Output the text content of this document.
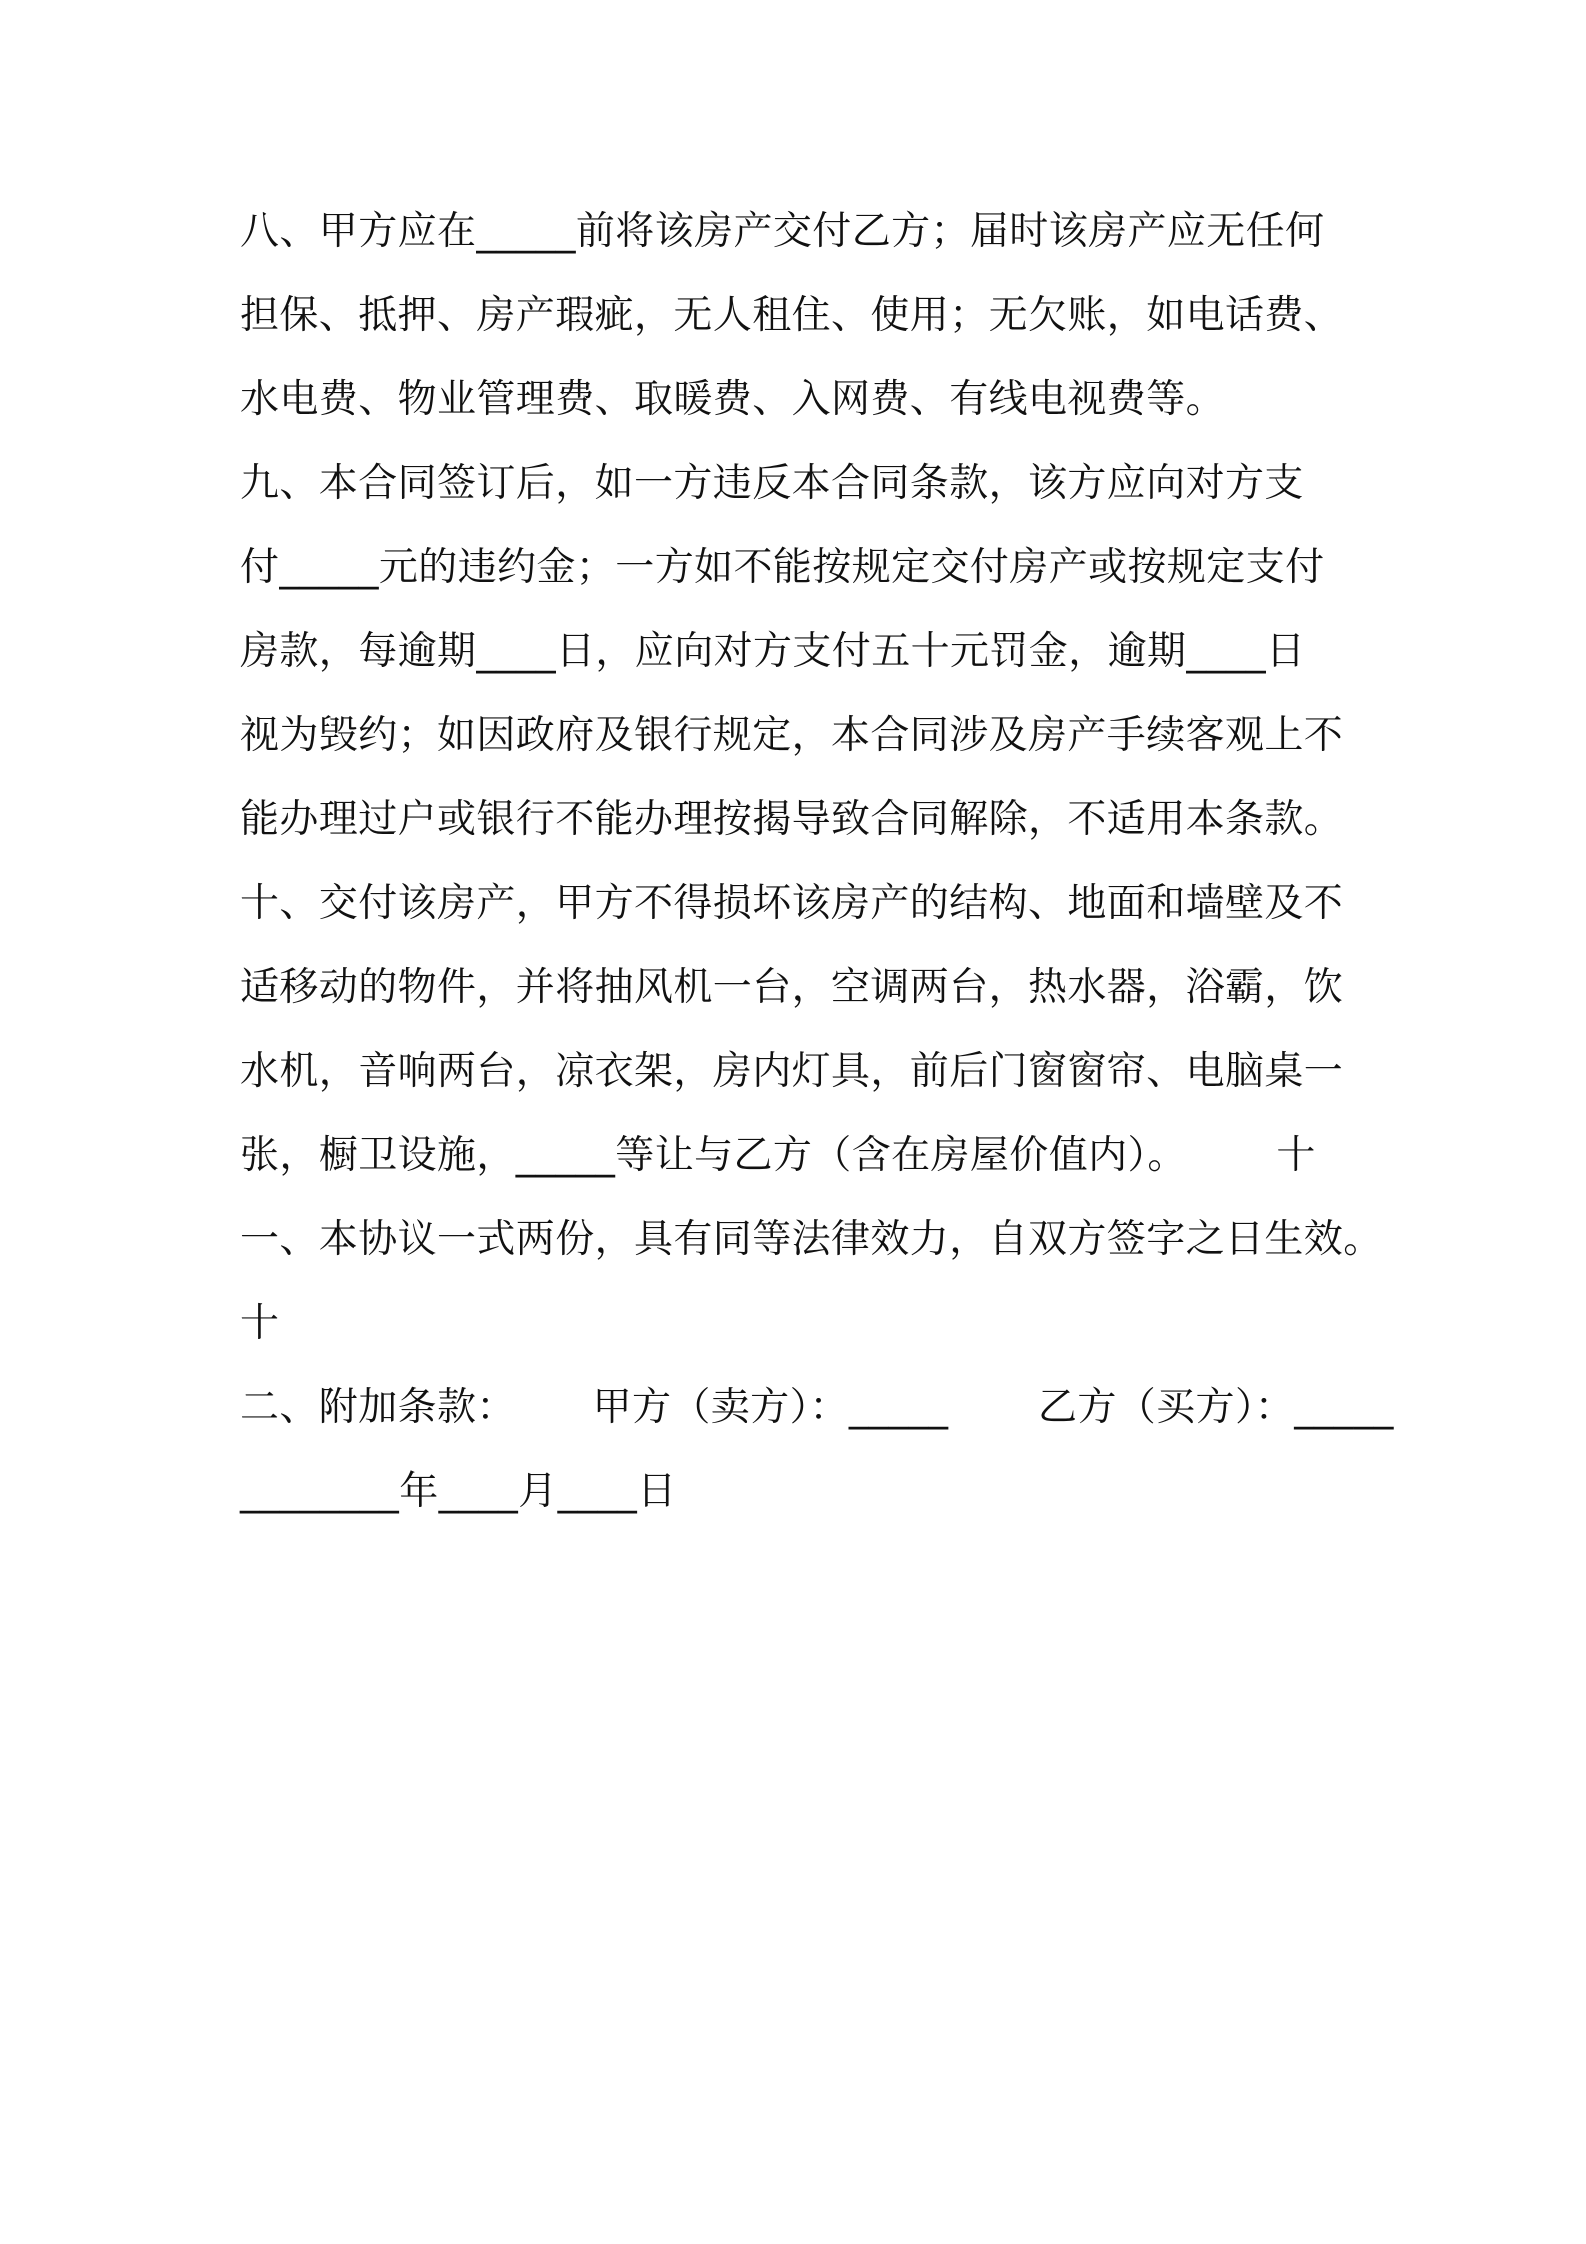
八、甲方应在_____前将该房产交付乙方；届时该房产应无任何
担保、抵押、房产瑕疵，无人租住、使用；无欠账，如电话费、
水电费、物业管理费、取暖费、入网费、有线电视费等。
九、本合同签订后，如一方违反本合同条款，该方应向对方支
付_____元的违约金；一方如不能按规定交付房产或按规定支付
房款，每逾期____日，应向对方支付五十元罚金，逾期____日
视为毁约；如因政府及银行规定，本合同涉及房产手续客观上不
能办理过户或银行不能办理按揭导致合同解除，不适用本条款。
十、交付该房产，甲方不得损坏该房产的结构、地面和墙壁及不
适移动的物件，并将抽风机一台，空调两台，热水器，浴霸，饮
水机，音响两台，凉衣架，房内灯具，前后门窗窗帘、电脑桌一
张，橱卫设施，_____等让与乙方（含在房屋价值内）。       十
一、本协议一式两份，具有同等法律效力，自双方签字之日生效。
十
二、附加条款：      甲方（卖方）：_____       乙方（买方）：_____
________年____月____日
